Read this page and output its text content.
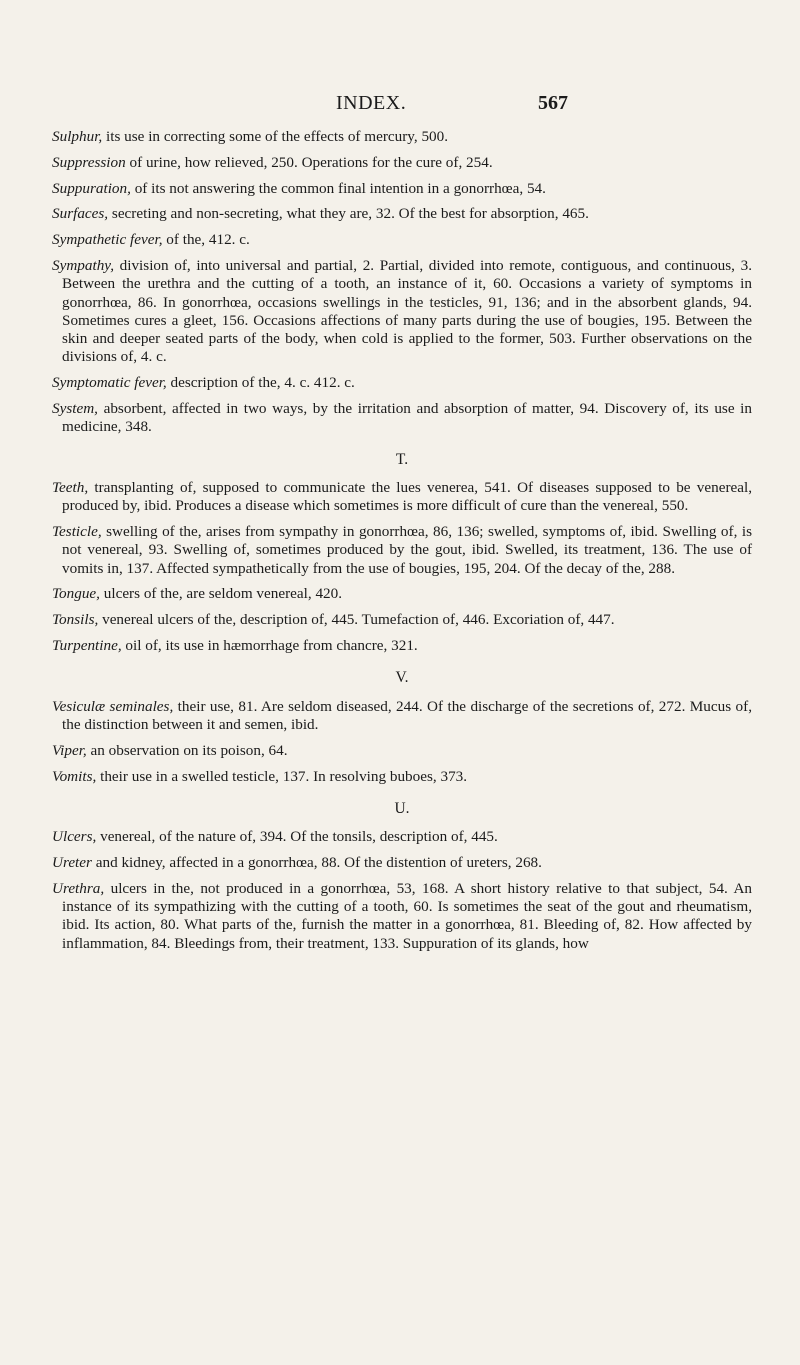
INDEX.	567
Sulphur, its use in correcting some of the effects of mercury, 500.
Suppression of urine, how relieved, 250. Operations for the cure of, 254.
Suppuration, of its not answering the common final intention in a gonorrhœa, 54.
Surfaces, secreting and non-secreting, what they are, 32. Of the best for absorption, 465.
Sympathetic fever, of the, 412. c.
Sympathy, division of, into universal and partial, 2. Partial, divided into remote, contiguous, and continuous, 3. Between the urethra and the cutting of a tooth, an instance of it, 60. Occasions a variety of symptoms in gonorrhœa, 86. In gonorrhœa, occasions swellings in the testicles, 91, 136; and in the absorbent glands, 94. Sometimes cures a gleet, 156. Occasions affections of many parts during the use of bougies, 195. Between the skin and deeper seated parts of the body, when cold is applied to the former, 503. Further observations on the divisions of, 4. c.
Symptomatic fever, description of the, 4. c. 412. c.
System, absorbent, affected in two ways, by the irritation and absorption of matter, 94. Discovery of, its use in medicine, 348.
T.
Teeth, transplanting of, supposed to communicate the lues venerea, 541. Of diseases supposed to be venereal, produced by, ibid. Produces a disease which sometimes is more difficult of cure than the venereal, 550.
Testicle, swelling of the, arises from sympathy in gonorrhœa, 86, 136; swelled, symptoms of, ibid. Swelling of, is not venereal, 93. Swelling of, sometimes produced by the gout, ibid. Swelled, its treatment, 136. The use of vomits in, 137. Affected sympathetically from the use of bougies, 195, 204. Of the decay of the, 288.
Tongue, ulcers of the, are seldom venereal, 420.
Tonsils, venereal ulcers of the, description of, 445. Tumefaction of, 446. Excoriation of, 447.
Turpentine, oil of, its use in hæmorrhage from chancre, 321.
V.
Vesiculæ seminales, their use, 81. Are seldom diseased, 244. Of the discharge of the secretions of, 272. Mucus of, the distinction between it and semen, ibid.
Viper, an observation on its poison, 64.
Vomits, their use in a swelled testicle, 137. In resolving buboes, 373.
U.
Ulcers, venereal, of the nature of, 394. Of the tonsils, description of, 445.
Ureter and kidney, affected in a gonorrhœa, 88. Of the distention of ureters, 268.
Urethra, ulcers in the, not produced in a gonorrhœa, 53, 168. A short history relative to that subject, 54. An instance of its sympathizing with the cutting of a tooth, 60. Is sometimes the seat of the gout and rheumatism, ibid. Its action, 80. What parts of the, furnish the matter in a gonorrhœa, 81. Bleeding of, 82. How affected by inflammation, 84. Bleedings from, their treatment, 133. Suppuration of its glands, how
